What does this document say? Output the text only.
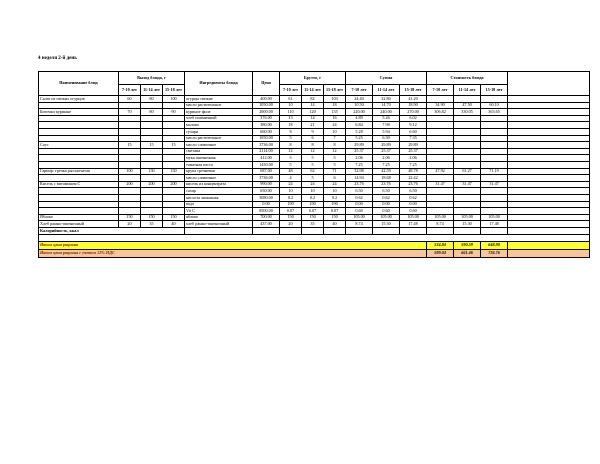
4 неделя 2-й день
Наименование блюд	Выход блюда, г			Ингредиенты блюда	Цена	Брутто, г			Сумма			Стоимость блюда			
	7-10 лет	11-14 лет	15-18 лет			7-10 лет	11-14 лет	15-18 лет	7-10 лет	11-14 лет	15-18 лет	7-10 лет	11-14 лет	15-18 лет	
Салат из свежих огурцов	60	80	100	огурцы свежие	400.00	61	82	103	24.40	32.80	41.20				
				масло растительное	1050.00	10	14	18	10.50	14.70	18.90	34.90	47.50	60.10	
Биточки куриные	70	80	90	куриное филе	2000.00	110	120	135	220.00	240.00	270.00	306.82	330.05	363.65	
				хлеб пшеничный	376.00	13	14	16	4.89	5.26	6.02				
				молоко	380.00	18	21	24	6.84	7.98	9.12				
				сухари	660.00	8	9	10	5.28	5.94	6.60				
				масло растительное	1050.00	5	6	7	5.25	6.30	7.35				
Соус	15	15	15	масло сливочное	3736.00	8	8	8	29.89	29.89	29.89				
				сметана	2114.00	12	12	12	25.37	25.37	25.37				
				мука пшеничная	412.00	5	5	5	2.06	2.06	2.06				
				томатная паста	1450.00	5	5	5	7.25	7.25	7.25				
Гарнир: гречка рассыпчатая	100	130	150	крупа гречневая	687.00	48	62	71	32.98	42.59	48.78	47.92	61.27	71.19	
				масло сливочное	3736.00	4	5	6	14.94	18.68	22.42				
Кисель с витамином С	200	200	200	кисель из концентрата	990.00	24	24	24	23.76	23.76	23.76	31.47	31.47	31.47	
				сахар	650.00	10	10	10	6.50	6.50	6.50				
				кислота лимонная	3080.00	0.2	0.2	0.2	0.62	0.62	0.62				
				вода	0.00	190	190	190	0.00	0.00	0.00				
				Vit C	8500.00	0.07	0.07	0.07	0.60	0.60	0.60				
Яблоко	150	150	150	яблоко	700.00	150	150	150	105.00	105.00	105.00	105.00	105.00	105.00	
Хлеб ржано-пшеничный	20	35	40	хлеб ржано-пшеничный	437.00	20	35	40	8.74	15.30	17.48	8.74	15.30	17.48	
Калорийность, ккал															

Итого цена рациона												534.84	590.59	648.90	
Итого цена рациона с учетом 12% НДС												599.04	661.46	726.76	
